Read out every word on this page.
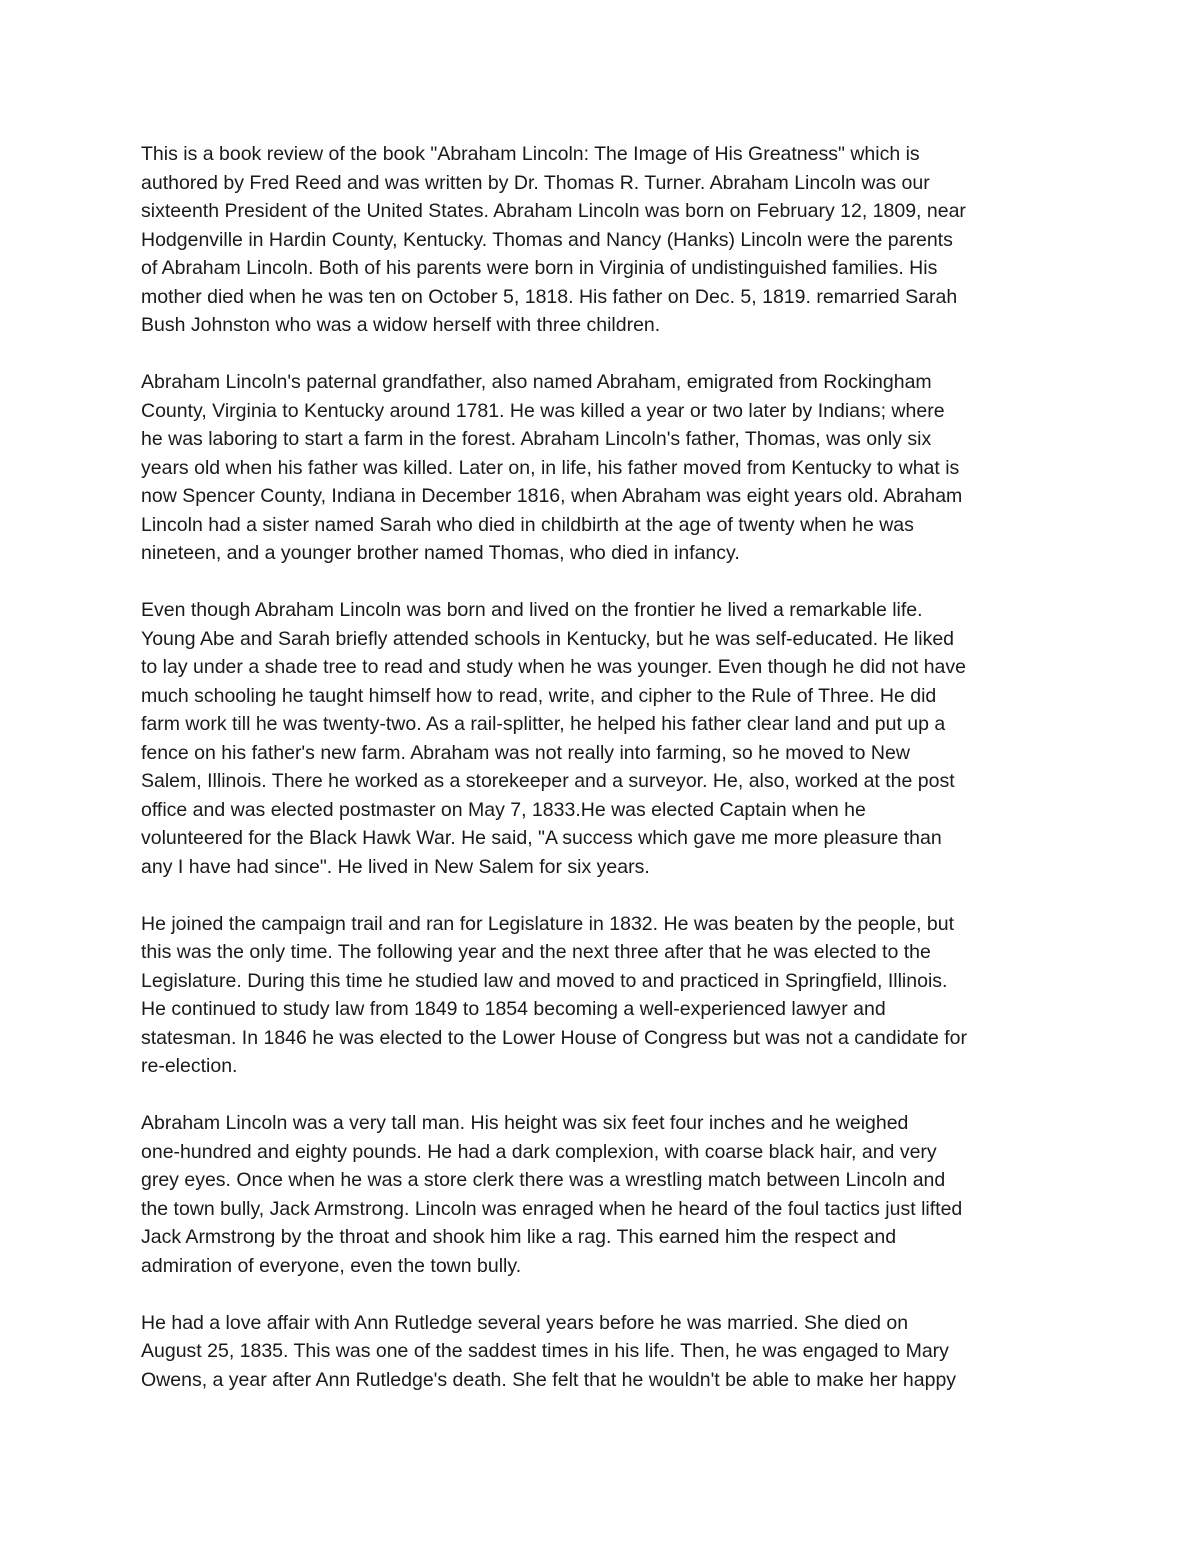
This is a book review of the book "Abraham Lincoln: The Image of His Greatness" which is
authored by Fred Reed and was written by Dr. Thomas R. Turner. Abraham Lincoln was our
sixteenth President of the United States. Abraham Lincoln was born on February 12, 1809, near
Hodgenville in Hardin County, Kentucky. Thomas and Nancy (Hanks) Lincoln were the parents
of Abraham Lincoln. Both of his parents were born in Virginia of undistinguished families. His
mother died when he was ten on October 5, 1818. His father on Dec. 5, 1819. remarried Sarah
Bush Johnston who was a widow herself with three children.

Abraham Lincoln's paternal grandfather, also named Abraham, emigrated from Rockingham
County, Virginia to Kentucky around 1781. He was killed a year or two later by Indians; where
he was laboring to start a farm in the forest. Abraham Lincoln's father, Thomas, was only six
years old when his father was killed. Later on, in life, his father moved from Kentucky to what is
now Spencer County, Indiana in December 1816, when Abraham was eight years old. Abraham
Lincoln had a sister named Sarah who died in childbirth at the age of twenty when he was
nineteen, and a younger brother named Thomas, who died in infancy.

Even though Abraham Lincoln was born and lived on the frontier he lived a remarkable life.
Young Abe and Sarah briefly attended schools in Kentucky, but he was self-educated. He liked
to lay under a shade tree to read and study when he was younger. Even though he did not have
much schooling he taught himself how to read, write, and cipher to the Rule of Three. He did
farm work till he was twenty-two. As a rail-splitter, he helped his father clear land and put up a
fence on his father's new farm. Abraham was not really into farming, so he moved to New
Salem, Illinois. There he worked as a storekeeper and a surveyor. He, also, worked at the post
office and was elected postmaster on May 7, 1833.He was elected Captain when he
volunteered for the Black Hawk War. He said, "A success which gave me more pleasure than
any I have had since". He lived in New Salem for six years.

He joined the campaign trail and ran for Legislature in 1832. He was beaten by the people, but
this was the only time. The following year and the next three after that he was elected to the
Legislature. During this time he studied law and moved to and practiced in Springfield, Illinois.
He continued to study law from 1849 to 1854 becoming a well-experienced lawyer and
statesman. In 1846 he was elected to the Lower House of Congress but was not a candidate for
re-election.

Abraham Lincoln was a very tall man. His height was six feet four inches and he weighed
one-hundred and eighty pounds. He had a dark complexion, with coarse black hair, and very
grey eyes. Once when he was a store clerk there was a wrestling match between Lincoln and
the town bully, Jack Armstrong. Lincoln was enraged when he heard of the foul tactics just lifted
Jack Armstrong by the throat and shook him like a rag. This earned him the respect and
admiration of everyone, even the town bully.

He had a love affair with Ann Rutledge several years before he was married. She died on
August 25, 1835. This was one of the saddest times in his life. Then, he was engaged to Mary
Owens, a year after Ann Rutledge's death. She felt that he wouldn't be able to make her happy
